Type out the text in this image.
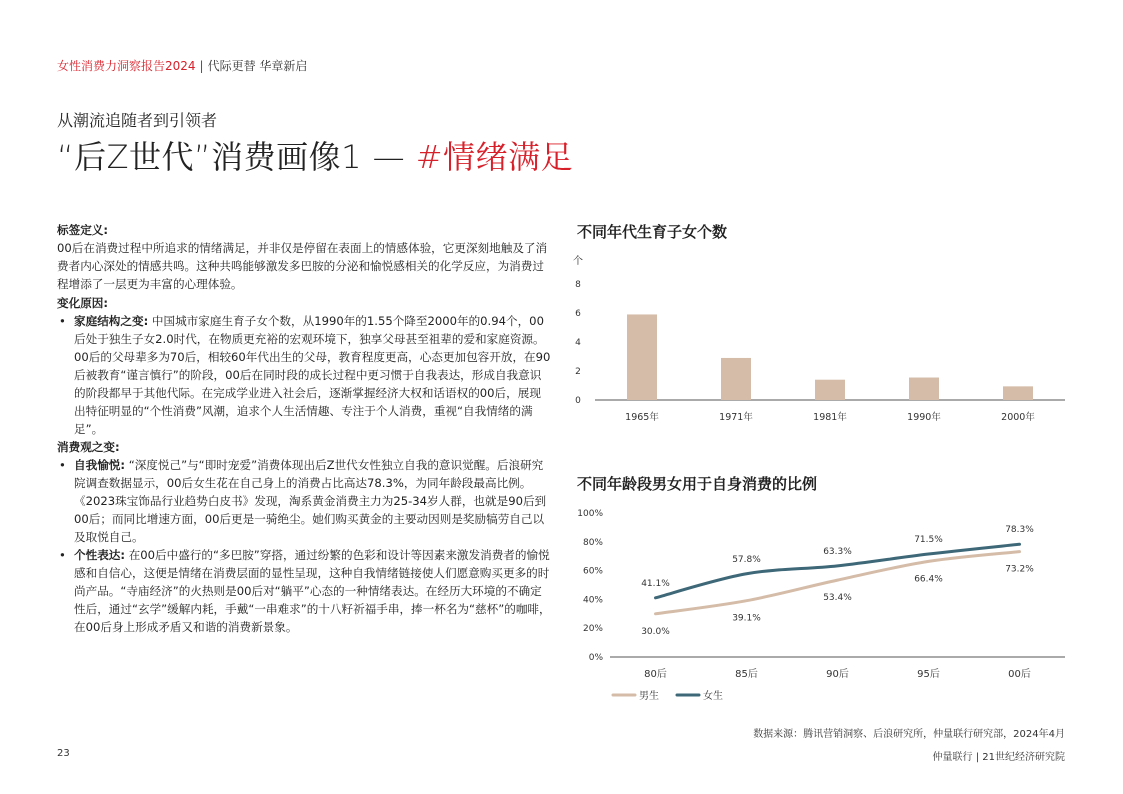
女性消费力洞察报告2024 | 代际更替 华章新启
从潮流追随者到引领者
“后Z世代”消费画像1 — #情绪满足
标签定义:

00后在消费过程中所追求的情绪满足，并非仅是停留在表面上的情感体验，它更深刻地触及了消费者内心深处的情感共鸣。这种共鸣能够激发多巴胺的分泌和愉悦感相关的化学反应，为消费过程增添了一层更为丰富的心理体验。

变化原因:
• 家庭结构之变: 中国城市家庭生育子女个数，从1990年的1.55个降至2000年的0.94个，00后处于独生子女2.0时代，在物质更充裕的宏观环境下，独享父母甚至祖辈的爱和家庭资源。00后的父母辈多为70后，相较60年代出生的父母，教育程度更高，心态更加包容开放，在90后被教育“谨言慎行”的阶段，00后在同时段的成长过程中更习惯于自我表达，形成自我意识的阶段都早于其他代际。在完成学业进入社会后，逐渐掌握经济大权和话语权的00后，展现出特征明显的“个性消费”风潮，追求个人生活情趣、专注于个人消费，重视“自我情绪的满足”。
消费观之变:
• 自我愉悦: “深度悦己”与“即时宠爱”消费体现出后Z世代女性独立自我的意识觉醒。后浪研究院调查数据显示，00后女生花在自己身上的消费占比高达78.3%，为同年龄段最高比例。《2023珠宝饰品行业趋势白皮书》发现，淘系黄金消费主力为25-34岁人群，也就是90后到00后；而同比增速方面，00后更是一骑绝尘。她们购买黄金的主要动因则是奖励犒劳自己以及取悦自己。
• 个性表达: 在00后中盛行的“多巴胺”穿搭，通过纷繁的色彩和设计等因素来激发消费者的愉悦感和自信心，这便是情绪在消费层面的显性呈现，这种自我情绪链接使人们愿意购买更多的时尚产品。“寺庙经济”的火热则是00后对“躺平”心态的一种情绪表达。在经历大环境的不确定性后，通过“玄学”缓解内耗，手戴“一串难求”的十八籽祈福手串，捧一杯名为“慈杯”的咖啡，在00后身上形成矛盾又和谐的消费新景象。
不同年代生育子女个数
个
0
2
4
6
8
1965年	1971年	1981年	1990年	2000年
不同年龄段男女用于自身消费的比例
0%
20%
40%
60%
80%
100%
80后	85后	90后	95后	00后
30.0%
39.1%
53.4%
66.4%
73.2%
41.1%
57.8%
63.3%
71.5%
78.3%
男生	女生
数据来源：腾讯营销洞察、后浪研究所，仲量联行研究部，2024年4月
23	仲量联行 | 21世纪经济研究院
